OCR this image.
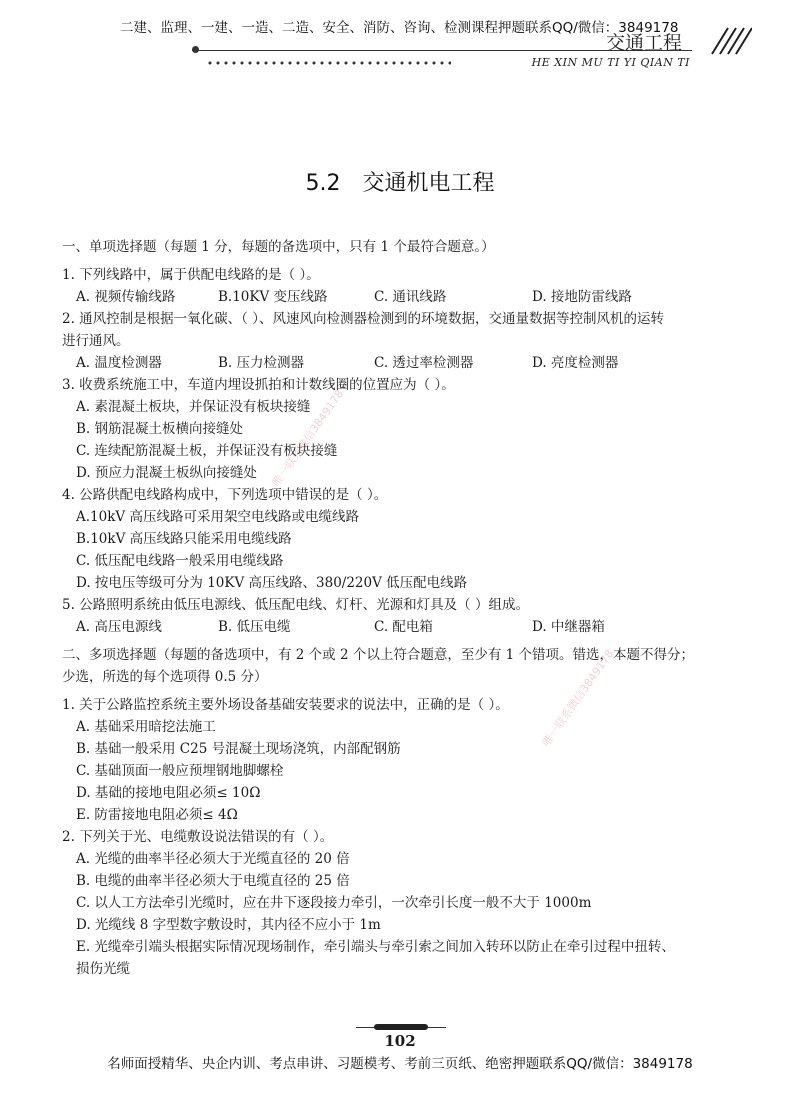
二建、监理、一建、一造、二造、安全、消防、咨询、检测课程押题联系QQ/微信：3849178
交通工程
HE XIN MU TI YI QIAN TI
5.2　交通机电工程

一、单项选择题（每题 1 分，每题的备选项中，只有 1 个最符合题意。）

1. 下列线路中，属于供配电线路的是（ ）。

A. 视频传输线路	B.10KV 变压线路	C. 通讯线路	D. 接地防雷线路

2. 通风控制是根据一氧化碳、（ ）、风速风向检测器检测到的环境数据，交通量数据等控制风机的运转

进行通风。

A. 温度检测器	B. 压力检测器	C. 透过率检测器	D. 亮度检测器

3. 收费系统施工中，车道内埋设抓拍和计数线圈的位置应为（ ）。

A. 素混凝土板块，并保证没有板块接缝

B. 钢筋混凝土板横向接缝处

C. 连续配筋混凝土板，并保证没有板块接缝

D. 预应力混凝土板纵向接缝处

4. 公路供配电线路构成中，下列选项中错误的是（ ）。

A.10kV 高压线路可采用架空电线路或电缆线路

B.10kV 高压线路只能采用电缆线路

C. 低压配电线路一般采用电缆线路

D. 按电压等级可分为 10KV 高压线路、380/220V 低压配电线路

5. 公路照明系统由低压电源线、低压配电线、灯杆、光源和灯具及（ ）组成。

A. 高压电源线	B. 低压电缆	C. 配电箱	D. 中继器箱

二、多项选择题（每题的备选项中，有 2 个或 2 个以上符合题意，至少有 1 个错项。错选，本题不得分；

少选，所选的每个选项得 0.5 分）

1. 关于公路监控系统主要外场设备基础安装要求的说法中，正确的是（ ）。

A. 基础采用暗挖法施工

B. 基础一般采用 C25 号混凝土现场浇筑，内部配钢筋

C. 基础顶面一般应预埋钢地脚螺栓

D. 基础的接地电阻必须≤ 10Ω

E. 防雷接地电阻必须≤ 4Ω

2. 下列关于光、电缆敷设说法错误的有（ ）。

A. 光缆的曲率半径必须大于光缆直径的 20 倍

B. 电缆的曲率半径必须大于电缆直径的 25 倍

C. 以人工方法牵引光缆时，应在井下逐段接力牵引，一次牵引长度一般不大于 1000m

D. 光缆线 8 字型数字敷设时，其内径不应小于 1m

E. 光缆牵引端头根据实际情况现场制作，牵引端头与牵引索之间加入转环以防止在牵引过程中扭转、

损伤光缆

唯一联系微信3849178
唯一联系微信3849178
102
名师面授精华、央企内训、考点串讲、习题模考、考前三页纸、绝密押题联系QQ/微信：3849178
